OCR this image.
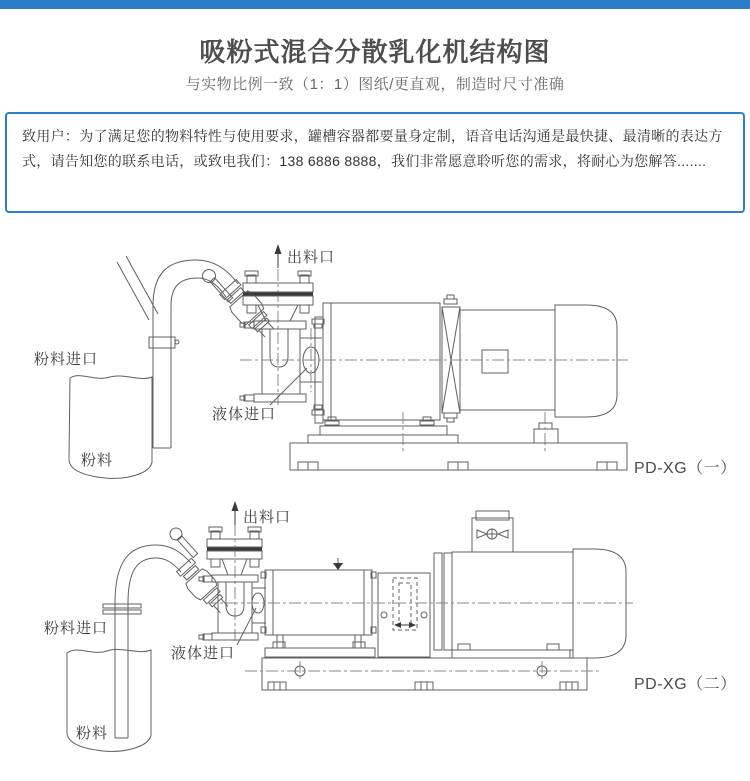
吸粉式混合分散乳化机结构图
与实物比例一致（1：1）图纸/更直观，制造时尺寸准确
致用户：为了满足您的物料特性与使用要求，罐槽容器都要量身定制，语音电话沟通是最快捷、最清晰的表达方式，请告知您的联系电话，或致电我们：138 6886 8888，我们非常愿意聆听您的需求，将耐心为您解答.......
出料口
粉料进口
液体进口
粉料	PD-XG（一）
出料口
粉料进口
液体进口
粉料
PD-XG（二）
